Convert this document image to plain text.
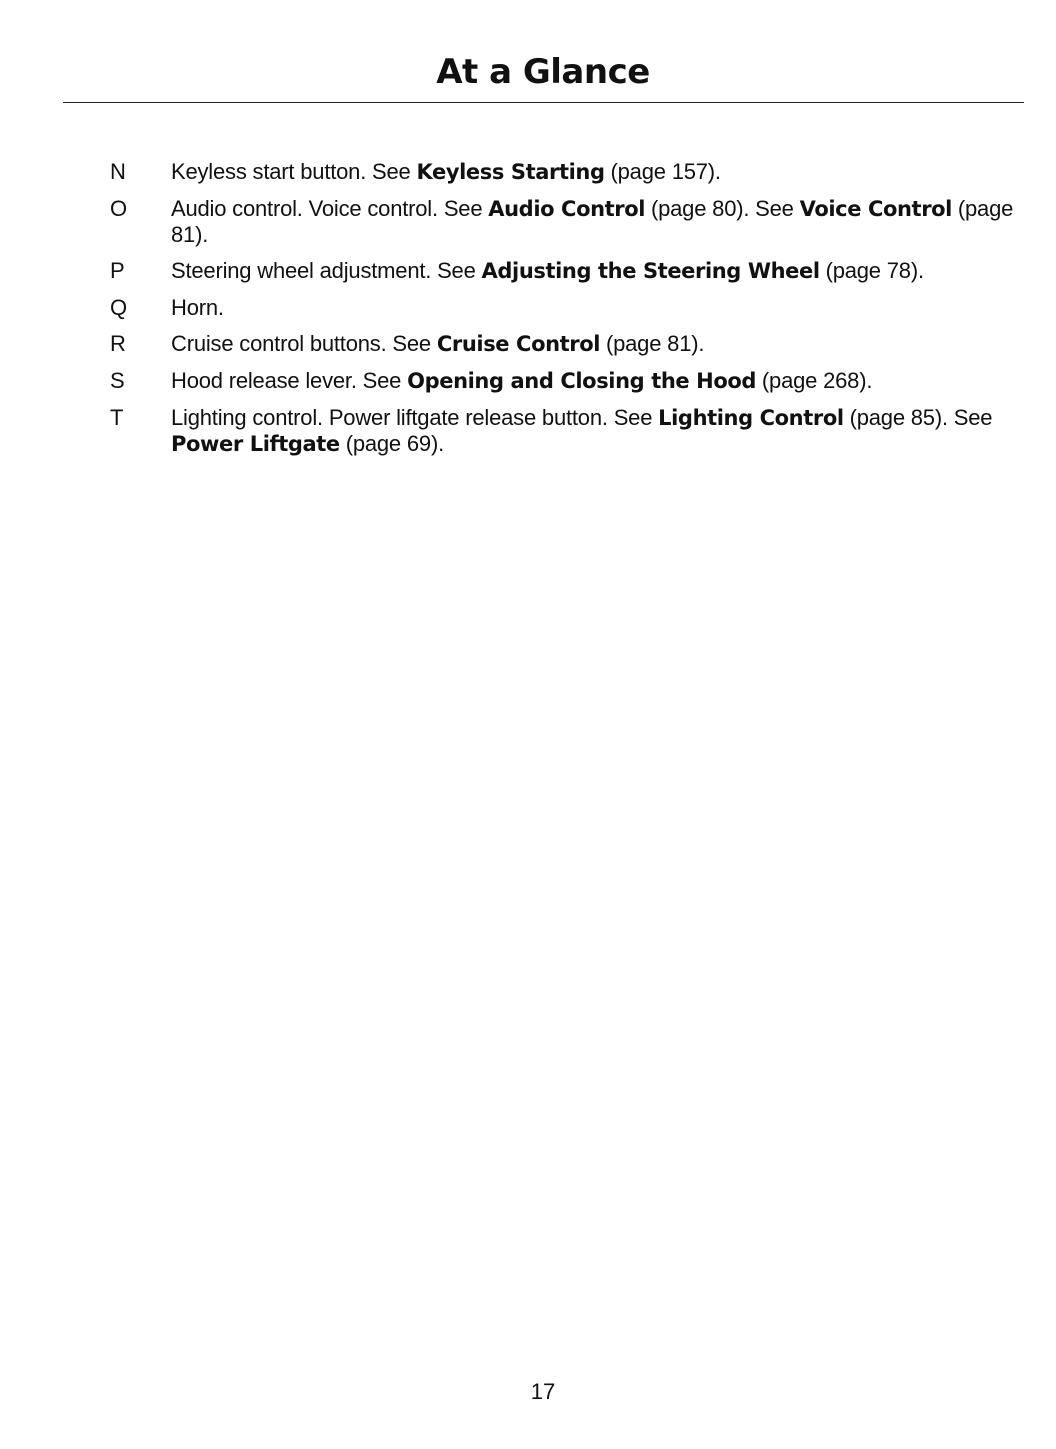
At a Glance
N Keyless start button. See Keyless Starting (page 157).
O Audio control. Voice control. See Audio Control (page 80). See Voice Control (page 81).
P Steering wheel adjustment. See Adjusting the Steering Wheel (page 78).
Q Horn.
R Cruise control buttons. See Cruise Control (page 81).
S Hood release lever. See Opening and Closing the Hood (page 268).
T Lighting control. Power liftgate release button. See Lighting Control (page 85). See Power Liftgate (page 69).
17
